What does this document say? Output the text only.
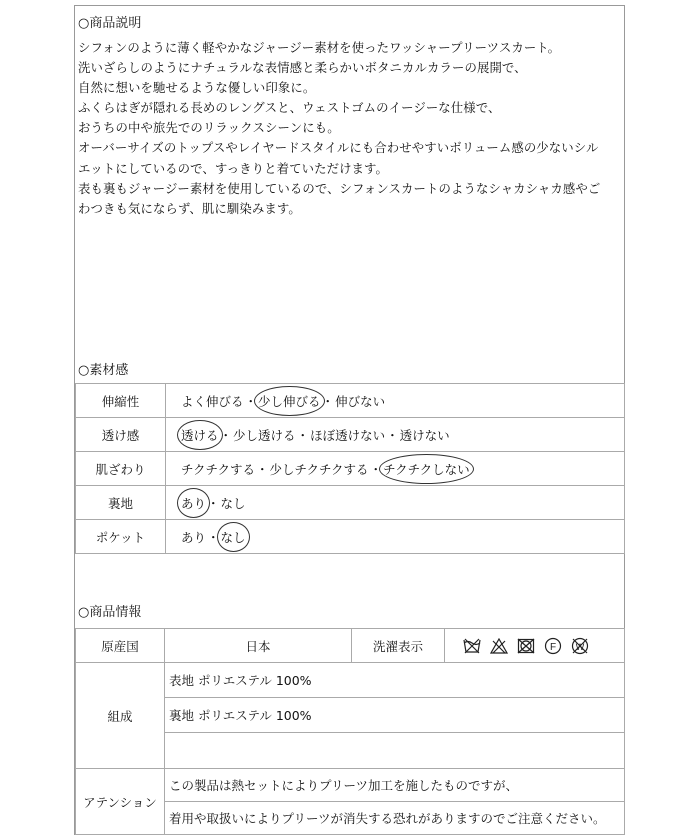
○商品説明
シフォンのように薄く軽やかなジャージー素材を使ったワッシャープリーツスカート。
洗いざらしのようにナチュラルな表情感と柔らかいボタニカルカラーの展開で、
自然に想いを馳せるような優しい印象に。
ふくらはぎが隠れる長めのレングスと、ウェストゴムのイージーな仕様で、
おうちの中や旅先でのリラックスシーンにも。
オーバーサイズのトップスやレイヤードスタイルにも合わせやすいボリューム感の少ないシル
エットにしているので、すっきりと着ていただけます。
表も裏もジャージー素材を使用しているので、シフォンスカートのようなシャカシャカ感やご
わつきも気にならず、肌に馴染みます。
○素材感
伸縮性	よく伸びる・少し伸びる・伸びない
透け感	透ける・少し透ける・ほぼ透けない・透けない
肌ざわり	チクチクする・少しチクチクする・チクチクしない
裏地	あり・なし
ポケット	あり・なし
○商品情報
原産国	日本	洗濯表示	F W
組成	表地 ポリエステル 100%
	裏地 ポリエステル 100%

アテンション	この製品は熱セットによりプリーツ加工を施したものですが、
	着用や取扱いによりプリーツが消失する恐れがありますのでご注意ください。
